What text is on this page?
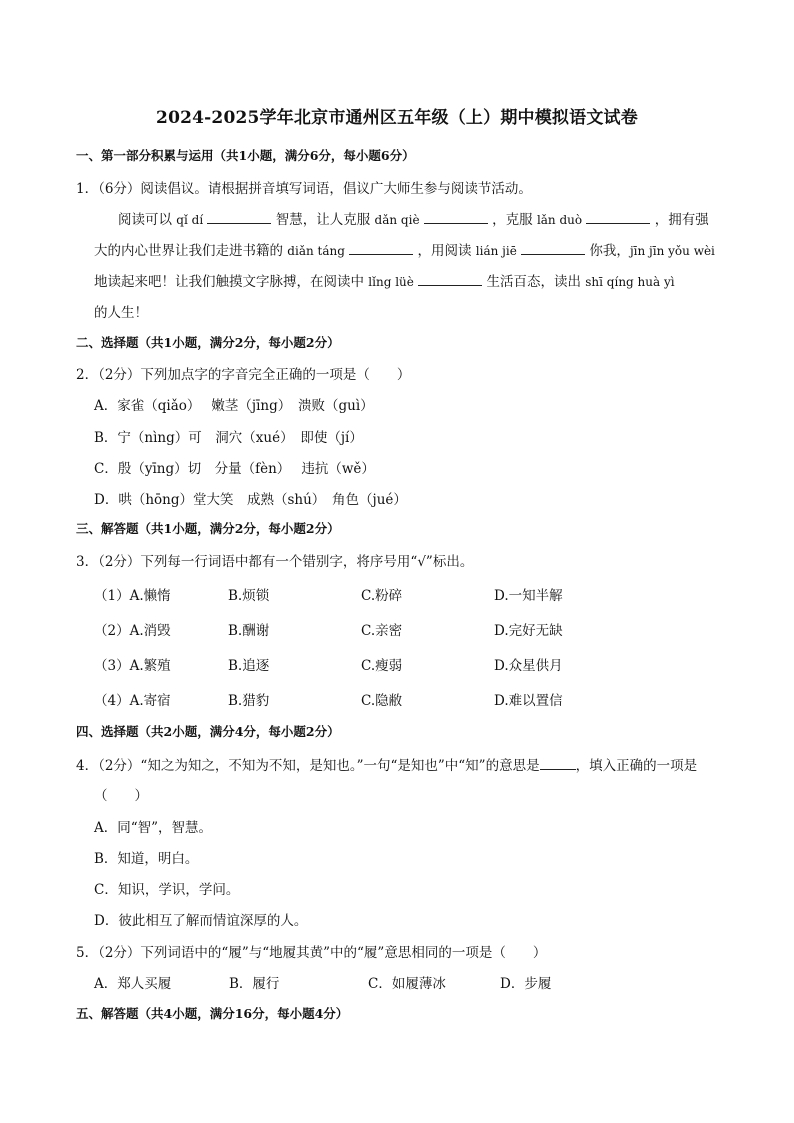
2024-2025学年北京市通州区五年级（上）期中模拟语文试卷
一、第一部分积累与运用（共1小题，满分6分，每小题6分）
1．（6分）阅读倡议。请根据拼音填写词语，倡议广大师生参与阅读节活动。
阅读可以 qǐ dí	智慧，让人克服 dǎn qiè	，克服 lǎn duò	，拥有强
大的内心世界让我们走进书籍的 diǎn táng	，用阅读 lián jiē	你我，jīn jīn yǒu wèi
地读起来吧！让我们触摸文字脉搏，在阅读中 lǐng lüè	生活百态，读出 shī qíng huà yì
的人生！
二、选择题（共1小题，满分2分，每小题2分）
2．（2分）下列加点字的字音完全正确的一项是（　　）
A．家雀（qiǎo）　 嫩茎（jīng）　溃败（guì）
B．宁（nìng）可　洞穴（xué）　即使（jí）
C．殷（yīng）切　分量（fèn）　 违抗（wě）
D．哄（hōng）堂大笑　成熟（shú）　角色（jué）
三、解答题（共1小题，满分2分，每小题2分）
3．（2分）下列每一行词语中都有一个错别字，将序号用“√”标出。
（1）A.懒惰	B.烦锁	C.粉碎	D.一知半解
（2）A.消毁	B.酬谢	C.亲密	D.完好无缺
（3）A.繁殖	B.追逐	C.瘦弱	D.众星供月
（4）A.寄宿	B.猎豹	C.隐敝	D.难以置信
四、选择题（共2小题，满分4分，每小题2分）
4．（2分）“知之为知之，不知为不知，是知也。”一句“是知也”中“知”的意思是	，填入正确的一项是
（　　）
A．同“智”，智慧。
B．知道，明白。
C．知识，学识，学问。
D．彼此相互了解而情谊深厚的人。
5．（2分）下列词语中的“履”与“地履其黄”中的“履”意思相同的一项是（　　）
A．郑人买履	B．履行	C．如履薄冰	D．步履
五、解答题（共4小题，满分16分，每小题4分）
